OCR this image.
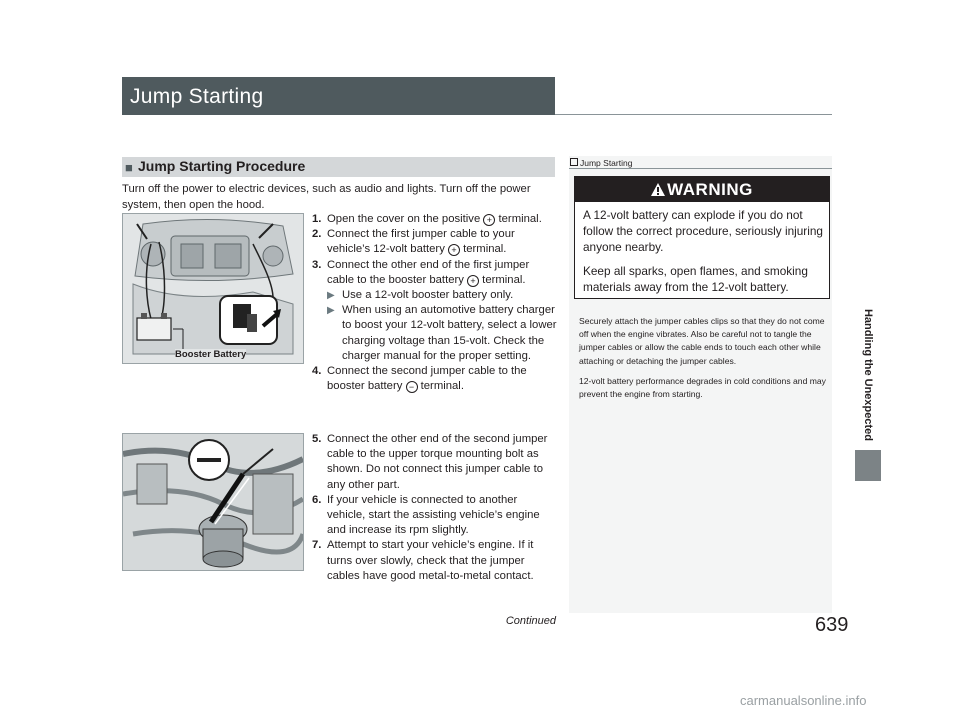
Jump Starting
■ Jump Starting Procedure
Turn off the power to electric devices, such as audio and lights. Turn off the power system, then open the hood.
Booster Battery
1. Open the cover on the positive + terminal.
2. Connect the first jumper cable to your vehicle’s 12-volt battery + terminal.
3. Connect the other end of the first jumper cable to the booster battery + terminal.
▶ Use a 12-volt booster battery only.
▶ When using an automotive battery charger to boost your 12-volt battery, select a lower charging voltage than 15-volt. Check the charger manual for the proper setting.
4. Connect the second jumper cable to the booster battery − terminal.
5. Connect the other end of the second jumper cable to the upper torque mounting bolt as shown. Do not connect this jumper cable to any other part.
6. If your vehicle is connected to another vehicle, start the assisting vehicle’s engine and increase its rpm slightly.
7. Attempt to start your vehicle’s engine. If it turns over slowly, check that the jumper cables have good metal-to-metal contact.
Jump Starting
WARNING

A 12-volt battery can explode if you do not follow the correct procedure, seriously injuring anyone nearby.

Keep all sparks, open flames, and smoking materials away from the 12-volt battery.

Securely attach the jumper cables clips so that they do not come off when the engine vibrates. Also be careful not to tangle the jumper cables or allow the cable ends to touch each other while attaching or detaching the jumper cables.

12-volt battery performance degrades in cold conditions and may prevent the engine from starting.	Handling the Unexpected
Continued	639
carmanualsonline.info
